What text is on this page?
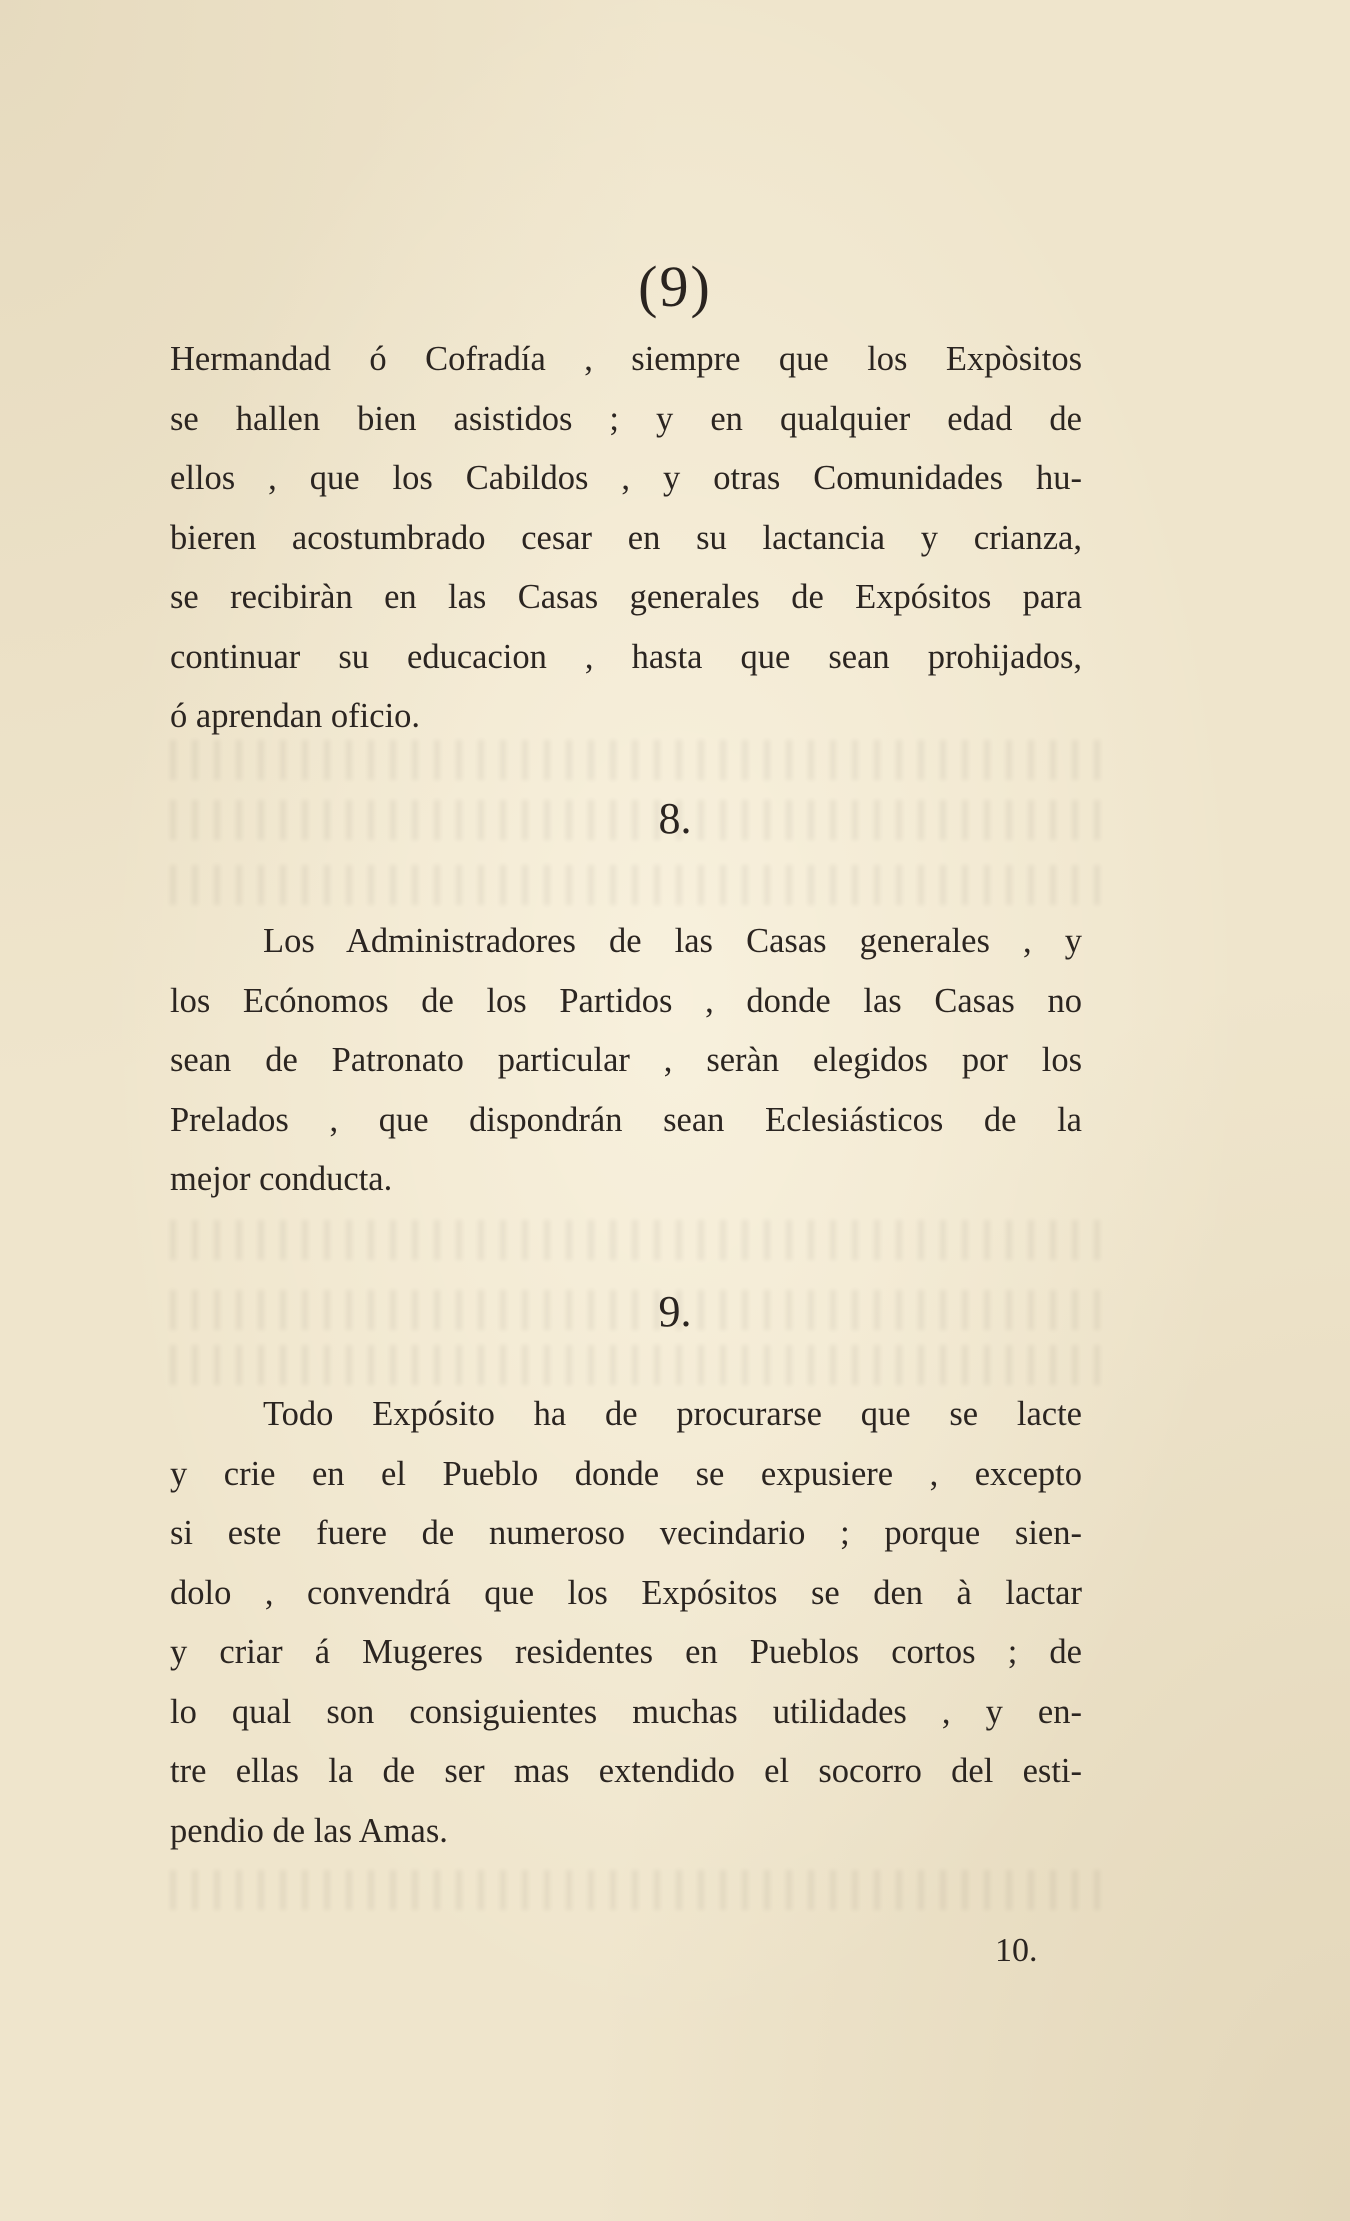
(9)
Hermandad ó Cofradía , siempre que los Expòsitos
se hallen bien asistidos ; y en qualquier edad de
ellos , que los Cabildos , y otras Comunidades hu-
bieren acostumbrado cesar en su lactancia y crianza,
se recibiràn en las Casas generales de Expósitos para
continuar su educacion , hasta que sean prohijados,
ó aprendan oficio.
8.
Los Administradores de las Casas generales , y
los Ecónomos de los Partidos , donde las Casas no
sean de Patronato particular , seràn elegidos por los
Prelados , que dispondrán sean Eclesiásticos de la
mejor conducta.
9.
Todo Expósito ha de procurarse que se lacte
y crie en el Pueblo donde se expusiere , excepto
si este fuere de numeroso vecindario ; porque sien-
dolo , convendrá que los Expósitos se den à lactar
y criar á Mugeres residentes en Pueblos cortos ; de
lo qual son consiguientes muchas utilidades , y en-
tre ellas la de ser mas extendido el socorro del esti-
pendio de las Amas.
10.
